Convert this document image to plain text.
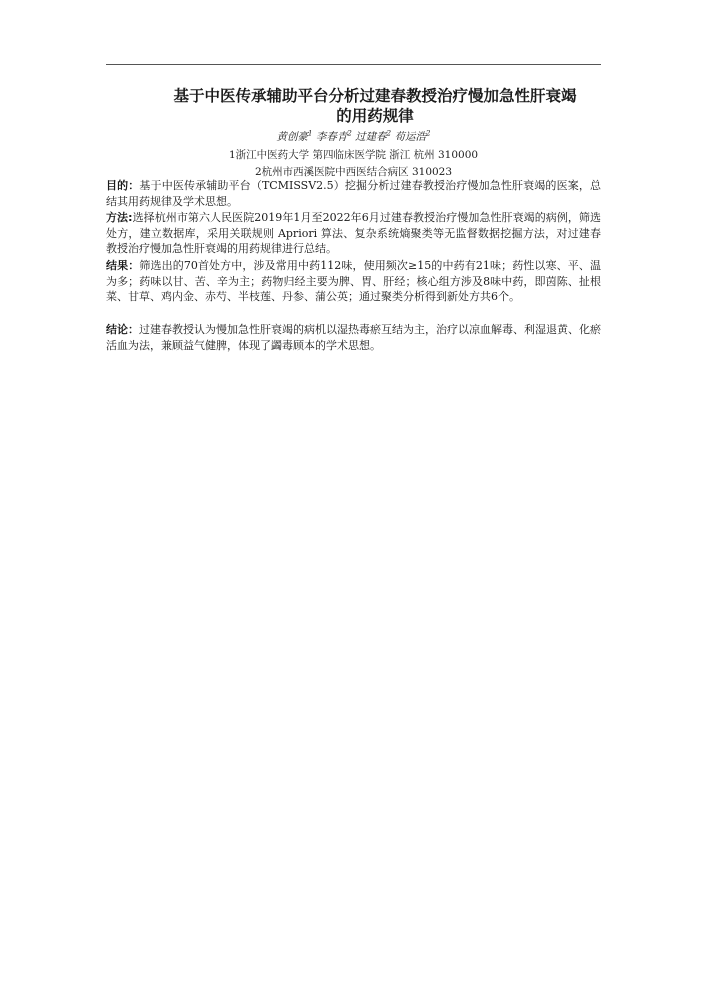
基于中医传承辅助平台分析过建春教授治疗慢加急性肝衰竭
的用药规律
黄创豪$^1$ 李春青$^2$ 过建春$^2$ 荀运浩$^2$
1浙江中医药大学 第四临床医学院 浙江 杭州 310000
2杭州市西溪医院中西医结合病区 310023
目的：基于中医传承辅助平台（TCMISSV2.5）挖掘分析过建春教授治疗慢加急性肝衰竭的医案，总结其用药规律及学术思想。
方法:选择杭州市第六人民医院2019年1月至2022年6月过建春教授治疗慢加急性肝衰竭的病例，筛选处方，建立数据库，采用关联规则 Apriori 算法、复杂系统熵聚类等无监督数据挖掘方法，对过建春教授治疗慢加急性肝衰竭的用药规律进行总结。
结果：筛选出的70首处方中，涉及常用中药112味，使用频次≥15的中药有21味；药性以寒、平、温为多；药味以甘、苦、辛为主；药物归经主要为脾、胃、肝经；核心组方涉及8味中药，即茵陈、扯根菜、甘草、鸡内金、赤芍、半枝莲、丹参、蒲公英；通过聚类分析得到新处方共6个。
结论：过建春教授认为慢加急性肝衰竭的病机以湿热毒瘀互结为主，治疗以凉血解毒、利湿退黄、化瘀活血为法，兼顾益气健脾，体现了蠲毒顾本的学术思想。
